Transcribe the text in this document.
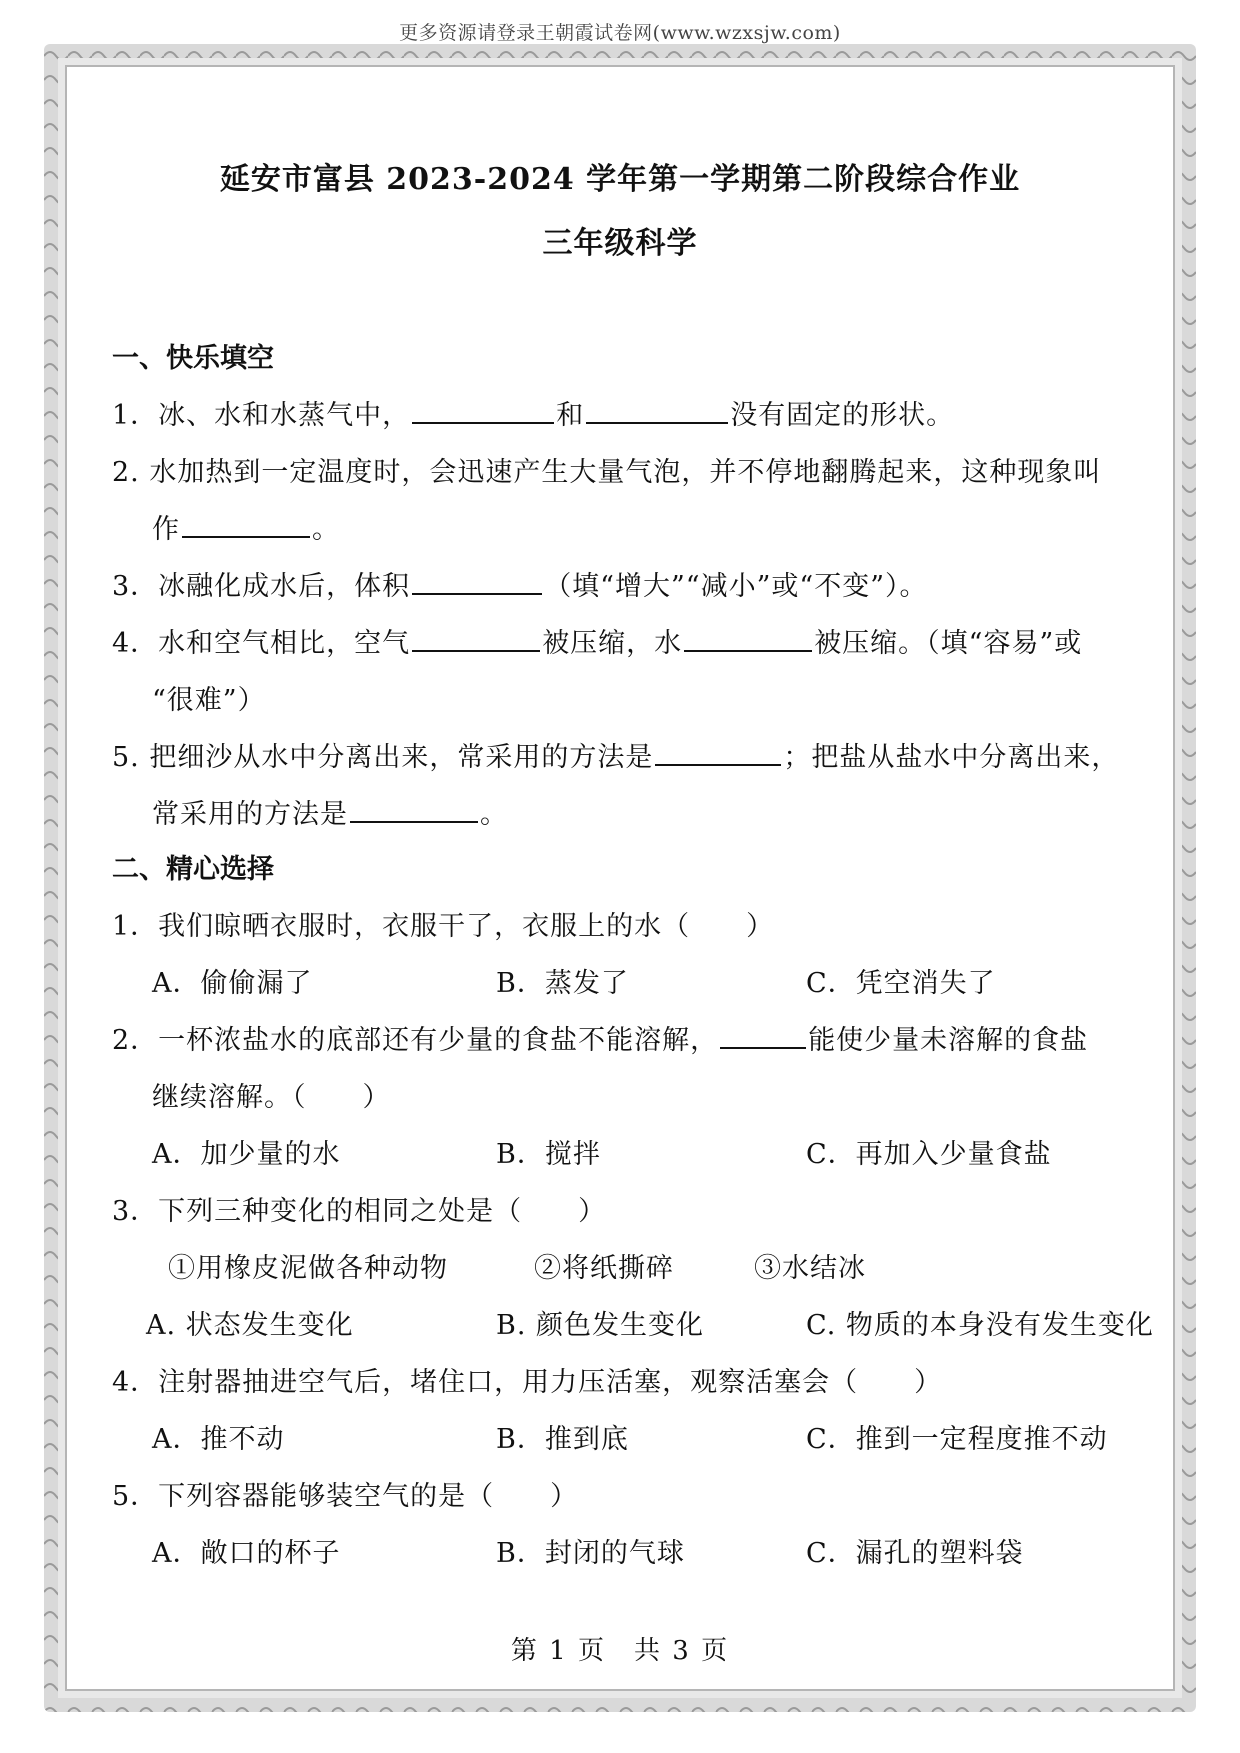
更多资源请登录王朝霞试卷网(www.wzxsjw.com)
延安市富县 2023-2024 学年第一学期第二阶段综合作业
三年级科学
一、快乐填空
1．冰、水和水蒸气中，	和	没有固定的形状。
2. 水加热到一定温度时，会迅速产生大量气泡，并不停地翻腾起来，这种现象叫
作	。
3．冰融化成水后，体积	（填“增大”“减小”或“不变”）。
4．水和空气相比，空气	被压缩，水	被压缩。（填“容易”或
“很难”）
5. 把细沙从水中分离出来，常采用的方法是	；把盐从盐水中分离出来，
常采用的方法是	。
二、精心选择
1．我们晾晒衣服时，衣服干了，衣服上的水（　　）
A．偷偷漏了	B．蒸发了	C．凭空消失了
2．一杯浓盐水的底部还有少量的食盐不能溶解，	能使少量未溶解的食盐
继续溶解。（　　）
A．加少量的水	B．搅拌	C．再加入少量食盐
3．下列三种变化的相同之处是（　　）
①用橡皮泥做各种动物	②将纸撕碎	③水结冰
A. 状态发生变化	B. 颜色发生变化	C. 物质的本身没有发生变化
4．注射器抽进空气后，堵住口，用力压活塞，观察活塞会（　　）
A．推不动	B．推到底	C．推到一定程度推不动
5．下列容器能够装空气的是（　　）
A．敞口的杯子	B．封闭的气球	C．漏孔的塑料袋
第 1 页　共 3 页
